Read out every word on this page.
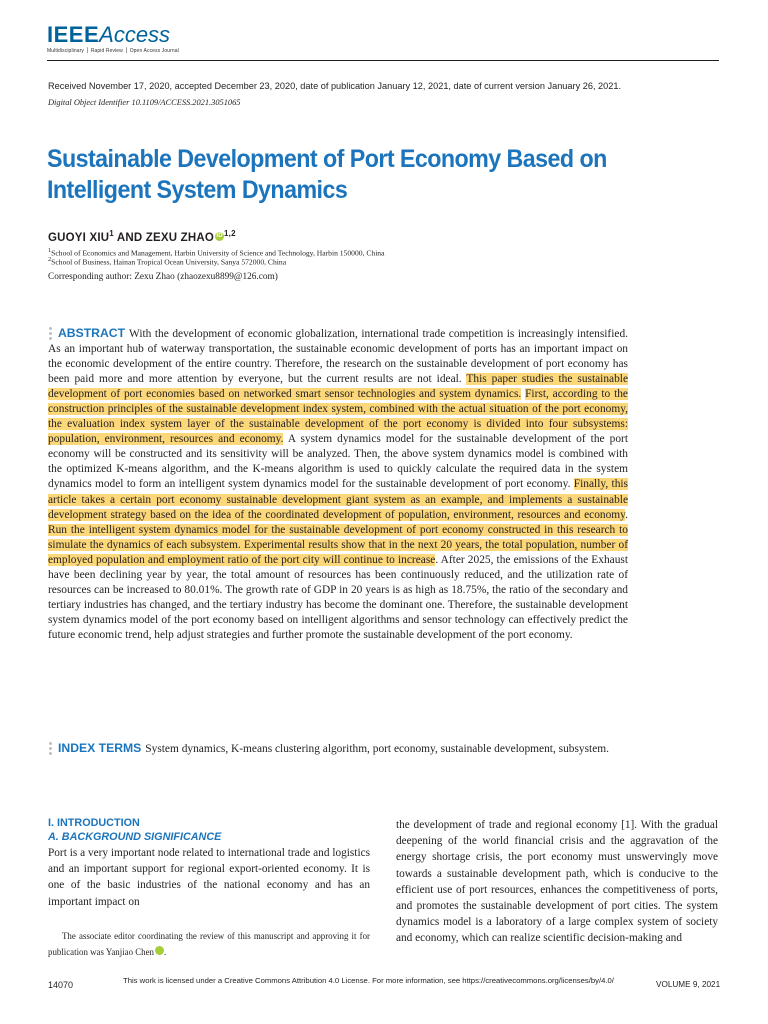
IEEEAccess
Multidisciplinary ⎪ Rapid Review ⎪ Open Access Journal
Received November 17, 2020, accepted December 23, 2020, date of publication January 12, 2021, date of current version January 26, 2021.
Digital Object Identifier 10.1109/ACCESS.2021.3051065
Sustainable Development of Port Economy Based on Intelligent System Dynamics
GUOYI XIU$^1$ AND ZEXU ZHAO iD$^{1,2}$
$^1$School of Economics and Management, Harbin University of Science and Technology, Harbin 150000, China
$^2$School of Business, Hainan Tropical Ocean University, Sanya 572000, China
Corresponding author: Zexu Zhao (zhaozexu8899@126.com)
ABSTRACT With the development of economic globalization, international trade competition is increasingly intensified. As an important hub of waterway transportation, the sustainable economic development of ports has an important impact on the economic development of the entire country. Therefore, the research on the sustainable development of port economy has been paid more and more attention by everyone, but the current results are not ideal. This paper studies the sustainable development of port economies based on networked smart sensor technologies and system dynamics. First, according to the construction principles of the sustainable development index system, combined with the actual situation of the port economy, the evaluation index system layer of the sustainable development of the port economy is divided into four subsystems: population, environment, resources and economy. A system dynamics model for the sustainable development of the port economy will be constructed and its sensitivity will be analyzed. Then, the above system dynamics model is combined with the optimized K-means algorithm, and the K-means algorithm is used to quickly calculate the required data in the system dynamics model to form an intelligent system dynamics model for the sustainable development of port economy. Finally, this article takes a certain port economy sustainable development giant system as an example, and implements a sustainable development strategy based on the idea of the coordinated development of population, environment, resources and economy. Run the intelligent system dynamics model for the sustainable development of port economy constructed in this research to simulate the dynamics of each subsystem. Experimental results show that in the next 20 years, the total population, number of employed population and employment ratio of the port city will continue to increase. After 2025, the emissions of the Exhaust have been declining year by year, the total amount of resources has been continuously reduced, and the utilization rate of resources can be increased to 80.01%. The growth rate of GDP in 20 years is as high as 18.75%, the ratio of the secondary and tertiary industries has changed, and the tertiary industry has become the dominant one. Therefore, the sustainable development system dynamics model of the port economy based on intelligent algorithms and sensor technology can effectively predict the future economic trend, help adjust strategies and further promote the sustainable development of the port economy.
INDEX TERMS System dynamics, K-means clustering algorithm, port economy, sustainable development, subsystem.
I. INTRODUCTION
A. BACKGROUND SIGNIFICANCE
Port is a very important node related to international trade and logistics and an important support for regional export-oriented economy. It is one of the basic industries of the national economy and has an important impact on
The associate editor coordinating the review of this manuscript and approving it for publication was Yanjiao Chen	iD.
the development of trade and regional economy [1]. With the gradual deepening of the world financial crisis and the aggravation of the energy shortage crisis, the port economy must unswervingly move towards a sustainable development path, which is conducive to the efficient use of port resources, enhances the competitiveness of ports, and promotes the sustainable development of port cities. The system dynamics model is a laboratory of a large complex system of society and economy, which can realize scientific decision-making and
14070	This work is licensed under a Creative Commons Attribution 4.0 License. For more information, see https://creativecommons.org/licenses/by/4.0/	VOLUME 9, 2021
